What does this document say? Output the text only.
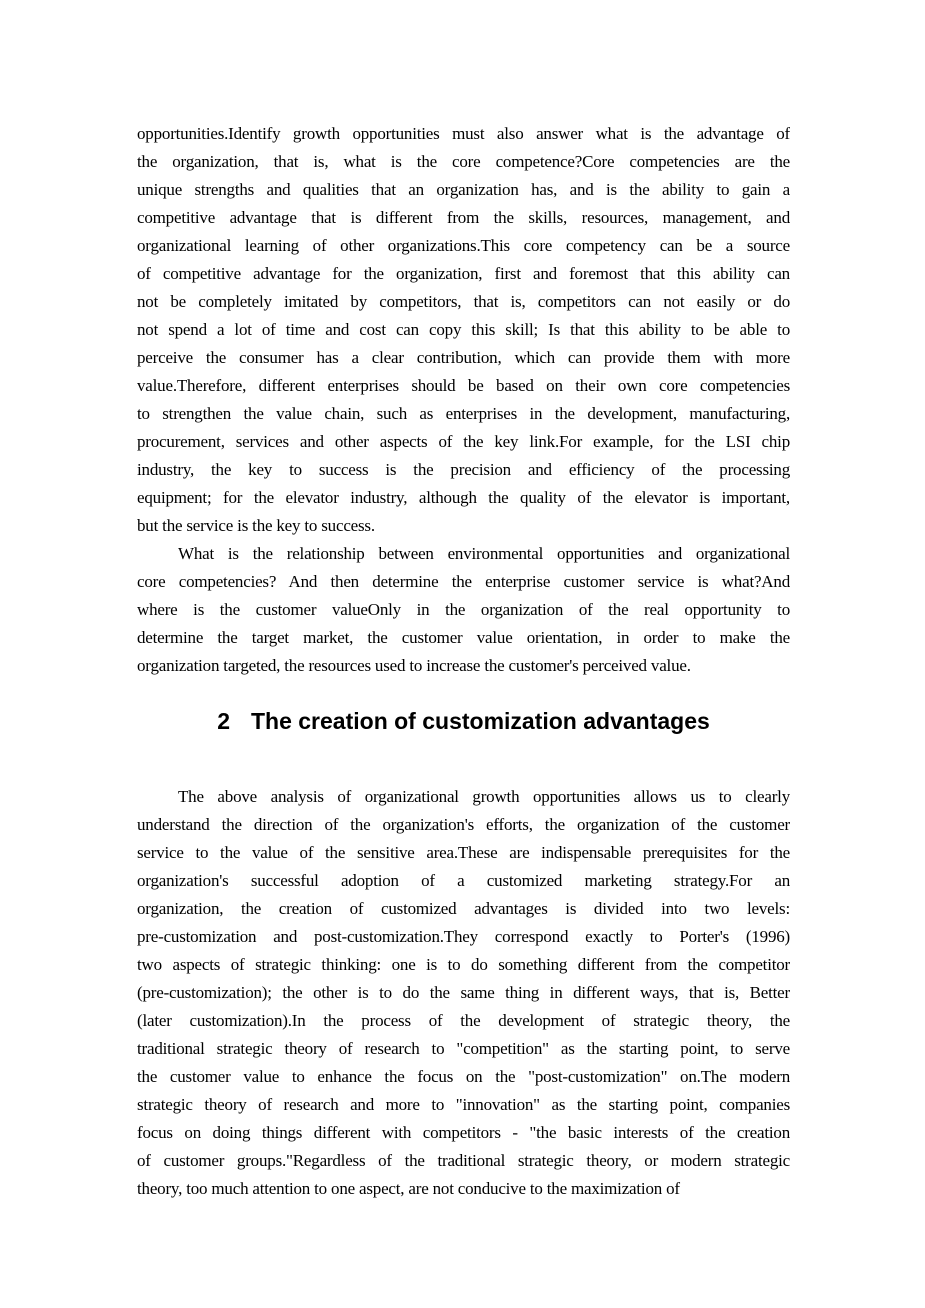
opportunities.Identify growth opportunities must also answer what is the advantage of
the organization, that is, what is the core competence?Core competencies are the
unique strengths and qualities that an organization has, and is the ability to gain a
competitive advantage that is different from the skills, resources, management, and
organizational learning of other organizations.This core competency can be a source
of competitive advantage for the organization, first and foremost that this ability can
not be completely imitated by competitors, that is, competitors can not easily or do
not spend a lot of time and cost can copy this skill; Is that this ability to be able to
perceive the consumer has a clear contribution, which can provide them with more
value.Therefore, different enterprises should be based on their own core competencies
to strengthen the value chain, such as enterprises in the development, manufacturing,
procurement, services and other aspects of the key link.For example, for the LSI chip
industry, the key to success is the precision and efficiency of the processing
equipment; for the elevator industry, although the quality of the elevator is important,
but the service is the key to success.

What is the relationship between environmental opportunities and organizational
core competencies? And then determine the enterprise customer service is what?And
where is the customer valueOnly in the organization of the real opportunity to
determine the target market, the customer value orientation, in order to make the
organization targeted, the resources used to increase the customer's perceived value.

2 The creation of customization advantages

The above analysis of organizational growth opportunities allows us to clearly
understand the direction of the organization's efforts, the organization of the customer
service to the value of the sensitive area.These are indispensable prerequisites for the
organization's successful adoption of a customized marketing strategy.For an
organization, the creation of customized advantages is divided into two levels:
pre-customization and post-customization.They correspond exactly to Porter's (1996)
two aspects of strategic thinking: one is to do something different from the competitor
(pre-customization); the other is to do the same thing in different ways, that is, Better
(later customization).In the process of the development of strategic theory, the
traditional strategic theory of research to "competition" as the starting point, to serve
the customer value to enhance the focus on the "post-customization" on.The modern
strategic theory of research and more to "innovation" as the starting point, companies
focus on doing things different with competitors - "the basic interests of the creation
of customer groups."Regardless of the traditional strategic theory, or modern strategic
theory, too much attention to one aspect, are not conducive to the maximization of
